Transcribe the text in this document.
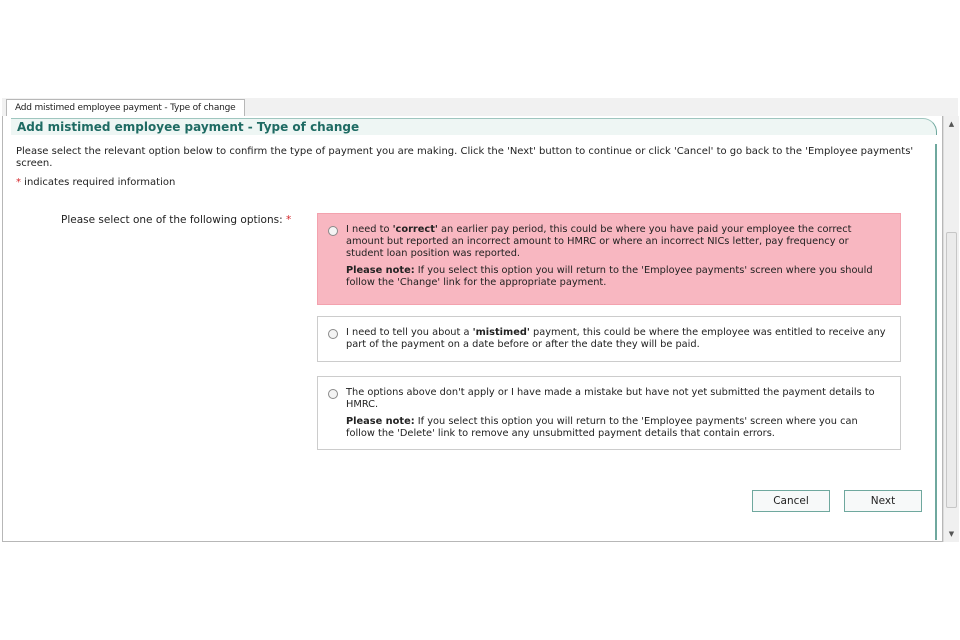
Add mistimed employee payment - Type of change
Add mistimed employee payment - Type of change
Please select the relevant option below to confirm the type of payment you are making. Click the 'Next' button to continue or click 'Cancel' to go back to the 'Employee payments' screen.
* indicates required information
Please select one of the following options: *

I need to 'correct' an earlier pay period, this could be where you have paid your employee the correct amount but reported an incorrect amount to HMRC or where an incorrect NICs letter, pay frequency or student loan position was reported.

Please note: If you select this option you will return to the 'Employee payments' screen where you should follow the 'Change' link for the appropriate payment.

I need to tell you about a 'mistimed' payment, this could be where the employee was entitled to receive any part of the payment on a date before or after the date they will be paid.

The options above don't apply or I have made a mistake but have not yet submitted the payment details to HMRC.

Please note: If you select this option you will return to the 'Employee payments' screen where you can follow the 'Delete' link to remove any unsubmitted payment details that contain errors.

Cancel	Next
▲
▼
